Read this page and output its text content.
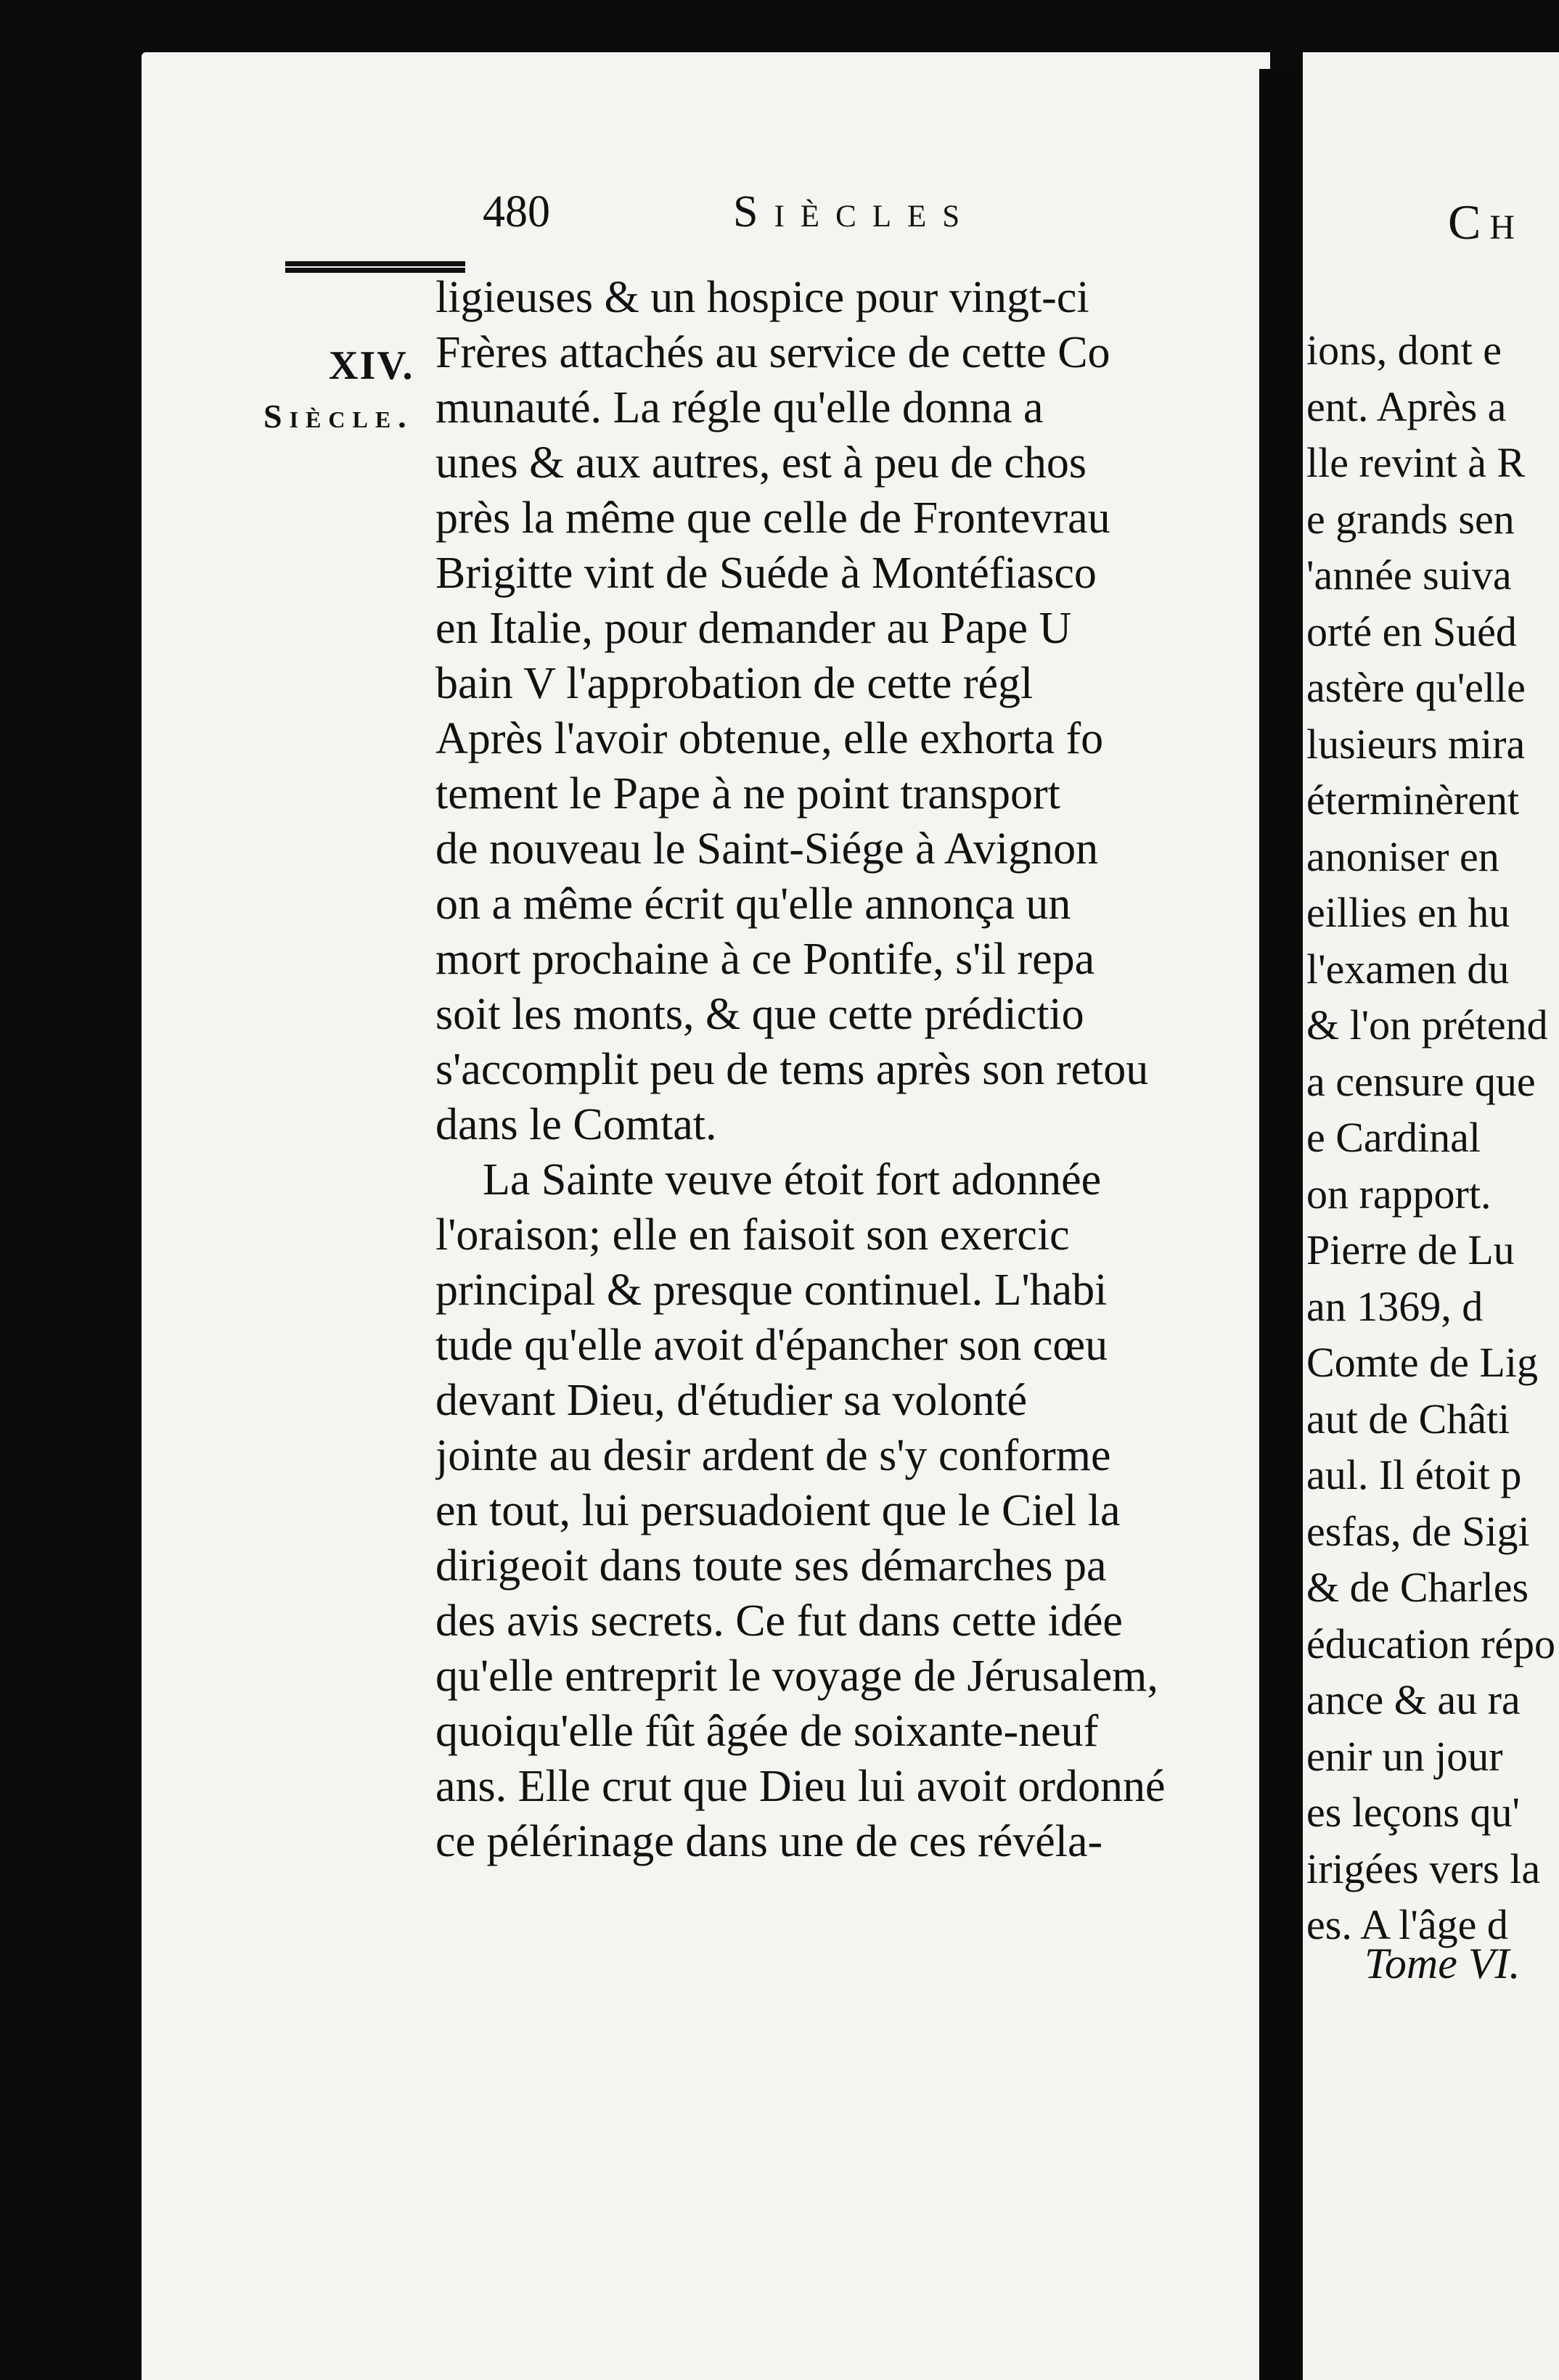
480	Siècles
XIV.
Siècle.
ligieuses & un hospice pour vingt-ci
Frères attachés au service de cette Co
munauté. La régle qu'elle donna a
unes & aux autres, est à peu de chos
près la même que celle de Frontevrau
Brigitte vint de Suéde à Montéfiasco
en Italie, pour demander au Pape U
bain V l'approbation de cette régl
Après l'avoir obtenue, elle exhorta fo
tement le Pape à ne point transport
de nouveau le Saint-Siége à Avignon
on a même écrit qu'elle annonça un
mort prochaine à ce Pontife, s'il repa
soit les monts, & que cette prédictio
s'accomplit peu de tems après son retou
dans le Comtat.
La Sainte veuve étoit fort adonnée
l'oraison; elle en faisoit son exercic
principal & presque continuel. L'habi
tude qu'elle avoit d'épancher son cœu
devant Dieu, d'étudier sa volonté
jointe au desir ardent de s'y conforme
en tout, lui persuadoient que le Ciel la
dirigeoit dans toute ses démarches pa
des avis secrets. Ce fut dans cette idée
qu'elle entreprit le voyage de Jérusalem,
quoiqu'elle fût âgée de soixante-neuf
ans. Elle crut que Dieu lui avoit ordonné
ce pélérinage dans une de ces révéla-
Ch
ions, dont e
ent. Après a
lle revint à R
e grands sen
'année suiva
orté en Suéd
astère qu'elle
lusieurs mira
éterminèrent
anoniser en
eillies en hu
l'examen du
& l'on prétend
a censure que
e Cardinal
on rapport.
Pierre de Lu
an 1369, d
Comte de Lig
aut de Châti
aul. Il étoit p
esfas, de Sigi
& de Charles
éducation répo
ance & au ra
enir un jour
es leçons qu'
irigées vers la
es. A l'âge d
Tome VI.
